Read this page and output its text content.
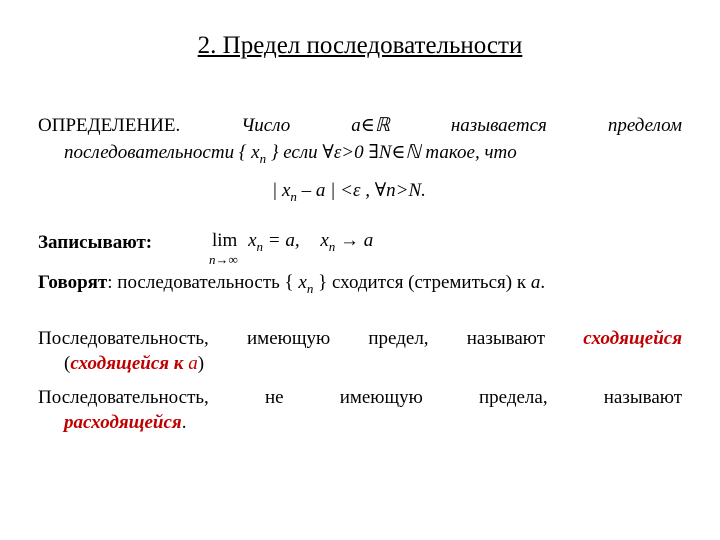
2. Предел последовательности
ОПРЕДЕЛЕНИЕ.	Число	a∈ℝ	называется	пределом
последовательности { $x_n$ } если ∀ε>0 ∃N∈ℕ такое, что
| $x_n$ – a | <ε , ∀n>N.
Записывают:	lim
n→∞
$x_n = a$, $x_n \to a$
Говорят: последовательность { $x_n$ } сходится (стремиться) к a.
Последовательность, имеющую предел, называют сходящейся
(сходящейся к a)
Последовательность,	не	имеющую	предела,	называют
расходящейся.
